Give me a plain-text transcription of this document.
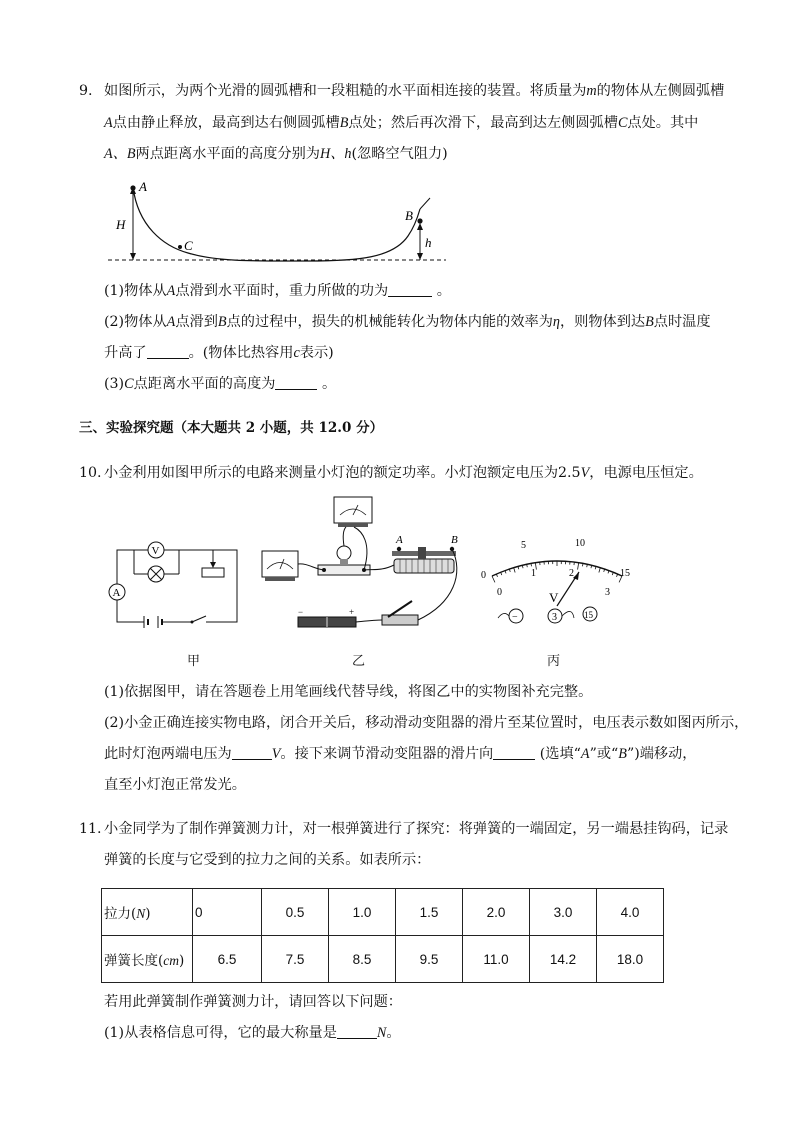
9. 如图所示，为两个光滑的圆弧槽和一段粗糙的水平面相连接的装置。将质量为m的物体从左侧圆弧槽
A点由静止释放，最高到达右侧圆弧槽B点处；然后再次滑下，最高到达左侧圆弧槽C点处。其中
A、B两点距离水平面的高度分别为H、h(忽略空气阻力)
A
H
C
B
h
(1)物体从A点滑到水平面时，重力所做的功为	。
(2)物体从A点滑到B点的过程中，损失的机械能转化为物体内能的效率为η，则物体到达B点时温度
升高了	。(物体比热容用c表示)
(3)C点距离水平面的高度为	。
三、实验探究题（本大题共 2 小题，共 12.0 分）
10. 小金利用如图甲所示的电路来测量小灯泡的额定功率。小灯泡额定电压为2.5V，电源电压恒定。
V
A
A	B
−	+
0
5	10
15
0
1	2
3
V
−	3	15
甲	乙	丙
(1)依据图甲，请在答题卷上用笔画线代替导线，将图乙中的实物图补充完整。
(2)小金正确连接实物电路，闭合开关后，移动滑动变阻器的滑片至某位置时，电压表示数如图丙所示，
此时灯泡两端电压为	V。接下来调节滑动变阻器的滑片向	(选填“A”或“B”)端移动，
直至小灯泡正常发光。
11. 小金同学为了制作弹簧测力计，对一根弹簧进行了探究：将弹簧的一端固定，另一端悬挂钩码，记录
弹簧的长度与它受到的拉力之间的关系。如表所示：
拉力(N)	0	0.5	1.0	1.5	2.0	3.0	4.0
弹簧长度(cm)	6.5	7.5	8.5	9.5	11.0	14.2	18.0
若用此弹簧制作弹簧测力计，请回答以下问题：
(1)从表格信息可得，它的最大称量是	N。
